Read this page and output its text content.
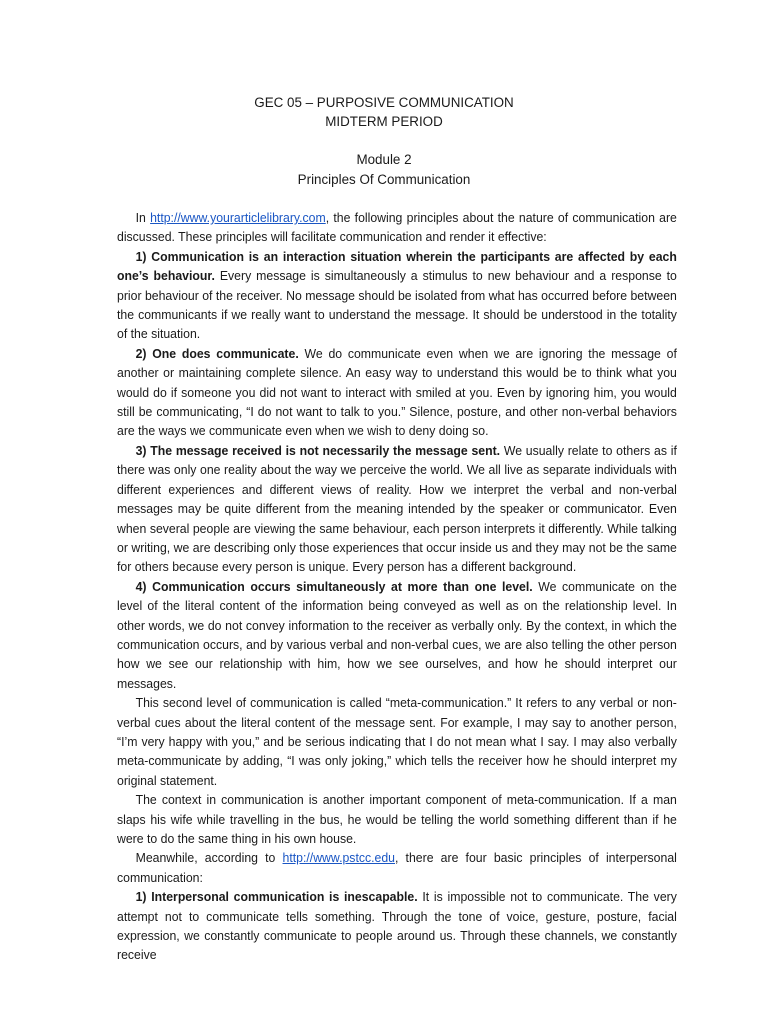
GEC 05 – PURPOSIVE COMMUNICATION
MIDTERM PERIOD
Module 2
Principles Of Communication

In http://www.yourarticlelibrary.com, the following principles about the nature of communication are discussed. These principles will facilitate communication and render it effective:

1) Communication is an interaction situation wherein the participants are affected by each one’s behaviour. Every message is simultaneously a stimulus to new behaviour and a response to prior behaviour of the receiver. No message should be isolated from what has occurred before between the communicants if we really want to understand the message. It should be understood in the totality of the situation.

2) One does communicate. We do communicate even when we are ignoring the message of another or maintaining complete silence. An easy way to understand this would be to think what you would do if someone you did not want to interact with smiled at you. Even by ignoring him, you would still be communicating, “I do not want to talk to you.” Silence, posture, and other non-verbal behaviors are the ways we communicate even when we wish to deny doing so.

3) The message received is not necessarily the message sent. We usually relate to others as if there was only one reality about the way we perceive the world. We all live as separate individuals with different experiences and different views of reality. How we interpret the verbal and non-verbal messages may be quite different from the meaning intended by the speaker or communicator. Even when several people are viewing the same behaviour, each person interprets it differently. While talking or writing, we are describing only those experiences that occur inside us and they may not be the same for others because every person is unique. Every person has a different background.

4) Communication occurs simultaneously at more than one level. We communicate on the level of the literal content of the information being conveyed as well as on the relationship level. In other words, we do not convey information to the receiver as verbally only. By the context, in which the communication occurs, and by various verbal and non-verbal cues, we are also telling the other person how we see our relationship with him, how we see ourselves, and how he should interpret our messages.

This second level of communication is called “meta-communication.” It refers to any verbal or non-verbal cues about the literal content of the message sent. For example, I may say to another person, “I’m very happy with you,” and be serious indicating that I do not mean what I say. I may also verbally meta-communicate by adding, “I was only joking,” which tells the receiver how he should interpret my original statement.

The context in communication is another important component of meta-communication. If a man slaps his wife while travelling in the bus, he would be telling the world something different than if he were to do the same thing in his own house.

Meanwhile, according to http://www.pstcc.edu, there are four basic principles of interpersonal communication:

1) Interpersonal communication is inescapable. It is impossible not to communicate. The very attempt not to communicate tells something. Through the tone of voice, gesture, posture, facial expression, we constantly communicate to people around us. Through these channels, we constantly receive
